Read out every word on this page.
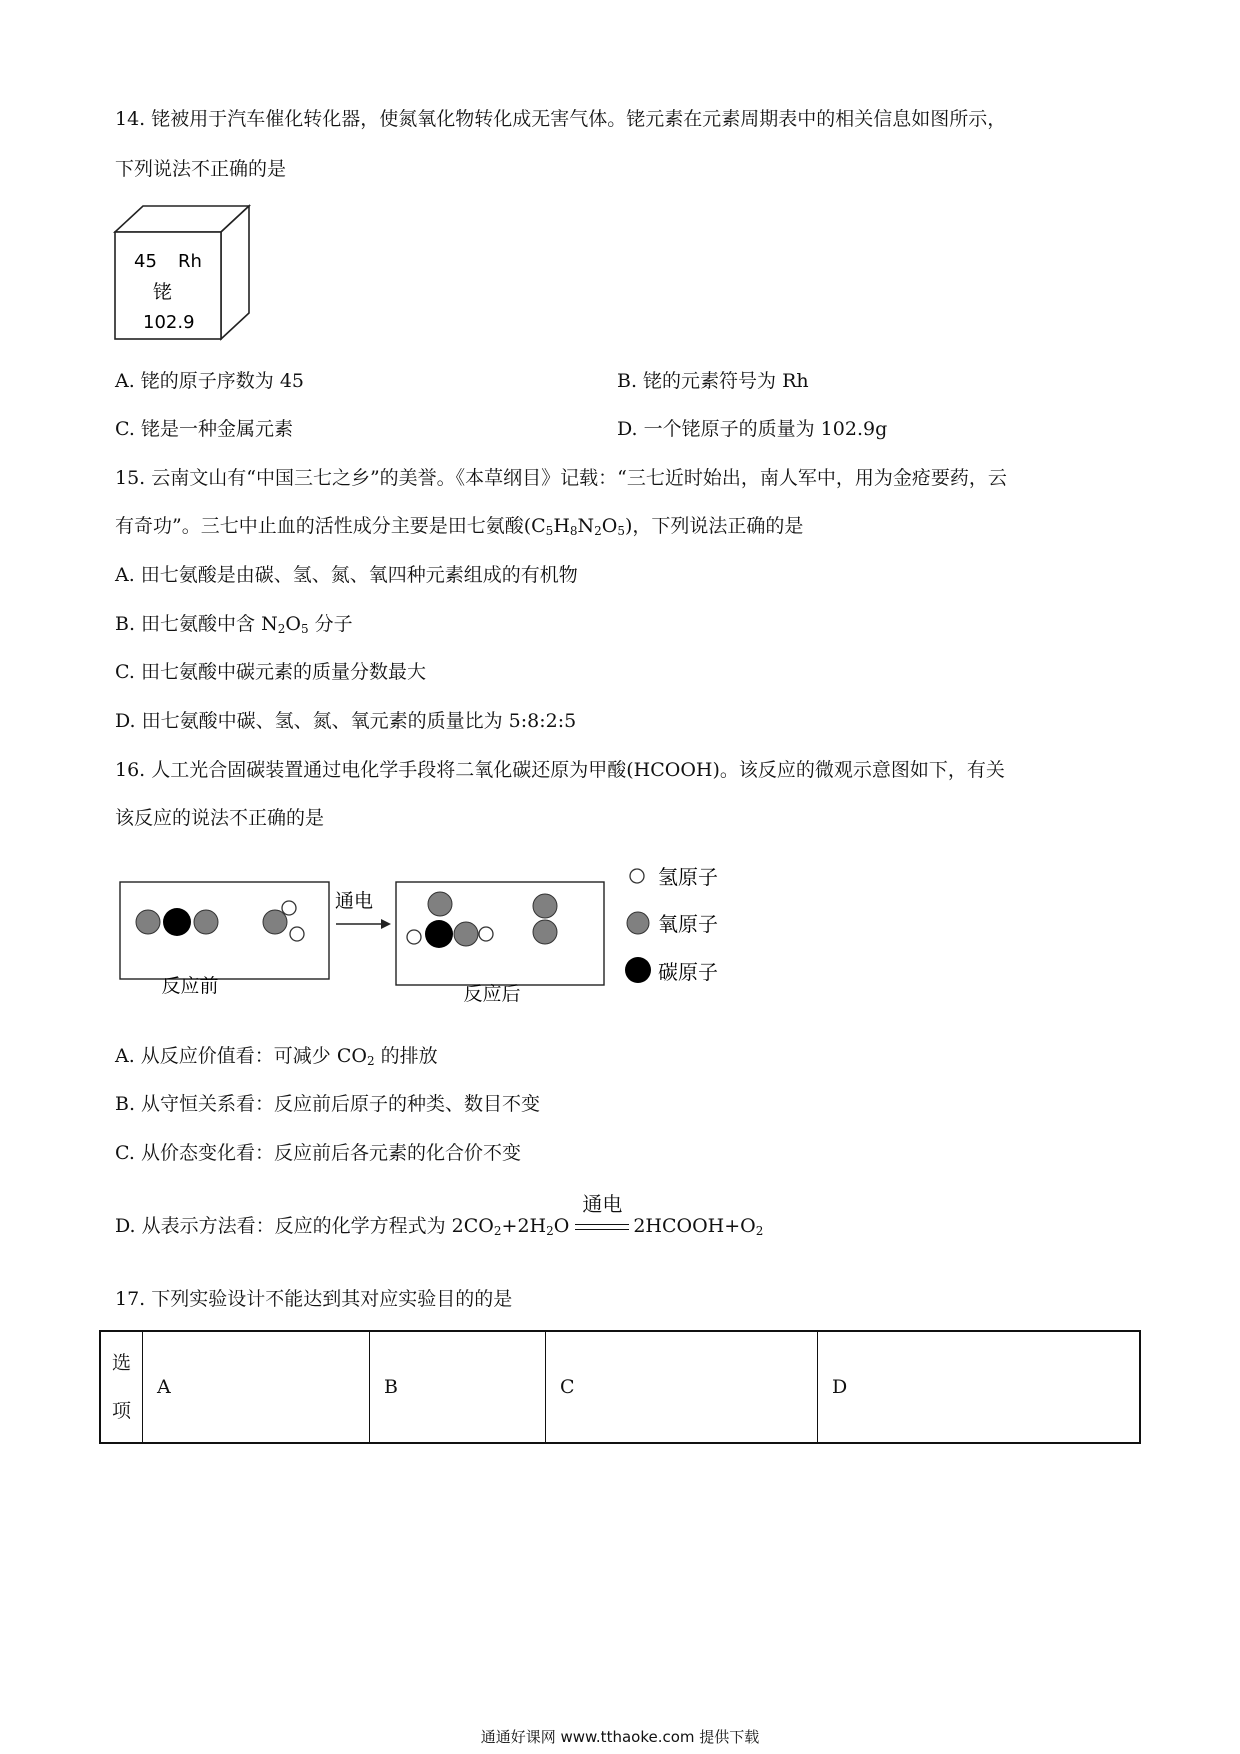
14. 铑被用于汽车催化转化器，使氮氧化物转化成无害气体。铑元素在元素周期表中的相关信息如图所示，
下列说法不正确的是
45 Rh
铑
102.9
A. 铑的原子序数为 45	B. 铑的元素符号为 Rh
C. 铑是一种金属元素	D. 一个铑原子的质量为 102.9g
15. 云南文山有“中国三七之乡”的美誉。《本草纲目》记载：“三七近时始出，南人军中，用为金疮要药，云
有奇功”。三七中止血的活性成分主要是田七氨酸$(C_5H_8N_2O_5)$，下列说法正确的是
A. 田七氨酸是由碳、氢、氮、氧四种元素组成的有机物
B. 田七氨酸中含 $N_2O_5$ 分子
C. 田七氨酸中碳元素的质量分数最大
D. 田七氨酸中碳、氢、氮、氧元素的质量比为 5:8:2:5
16. 人工光合固碳装置通过电化学手段将二氧化碳还原为甲酸(HCOOH)。该反应的微观示意图如下，有关
该反应的说法不正确的是
反应前
通电
反应后
氢原子
氧原子
碳原子
A. 从反应价值看：可减少 $CO_2$ 的排放
B. 从守恒关系看：反应前后原子的种类、数目不变
C. 从价态变化看：反应前后各元素的化合价不变
D. 从表示方法看：反应的化学方程式为 $2CO_2+2H_2O$
通电
$2HCOOH+O_2$
17. 下列实验设计不能达到其对应实验目的的是
选
项	A	B	C	D
通通好课网 www.tthaoke.com 提供下载
